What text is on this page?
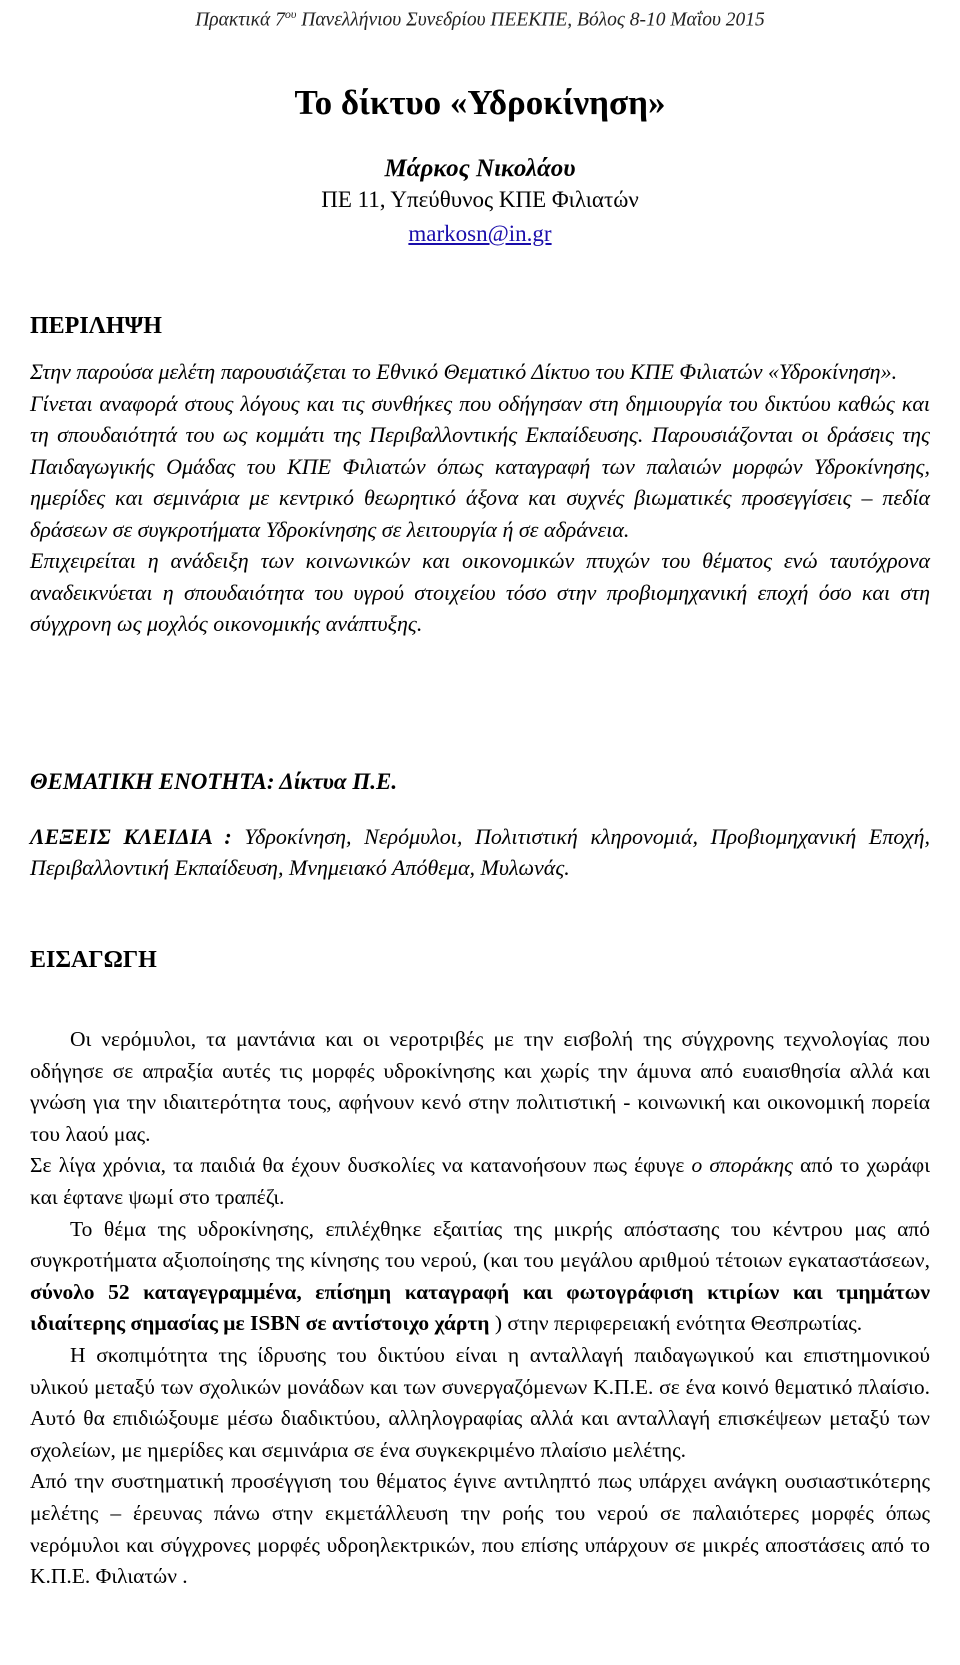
Πρακτικά $7^{o\upsilon}$ Πανελλήνιου Συνεδρίου ΠΕΕΚΠΕ, Βόλος 8-10 Μαΐου 2015
Το δίκτυο «Υδροκίνηση»
Μάρκος Νικολάου
ΠΕ 11, Υπεύθυνος ΚΠΕ Φιλιατών
markosn@in.gr
ΠΕΡΙΛΗΨΗ

Στην παρούσα μελέτη παρουσιάζεται το Εθνικό Θεματικό Δίκτυο του ΚΠΕ Φιλιατών «Υδροκίνηση».

Γίνεται αναφορά στους λόγους και τις συνθήκες που οδήγησαν στη δημιουργία του δικτύου καθώς και τη σπουδαιότητά του ως κομμάτι της Περιβαλλοντικής Εκπαίδευσης. Παρουσιάζονται οι δράσεις της Παιδαγωγικής Ομάδας του ΚΠΕ Φιλιατών όπως καταγραφή των παλαιών μορφών Υδροκίνησης, ημερίδες και σεμινάρια με κεντρικό θεωρητικό άξονα και συχνές βιωματικές προσεγγίσεις – πεδία δράσεων σε συγκροτήματα Υδροκίνησης σε λειτουργία ή σε αδράνεια.

Επιχειρείται η ανάδειξη των κοινωνικών και οικονομικών πτυχών του θέματος ενώ ταυτόχρονα αναδεικνύεται η σπουδαιότητα του υγρού στοιχείου τόσο στην προβιομηχανική εποχή όσο και στη σύγχρονη ως μοχλός οικονομικής ανάπτυξης.

ΘΕΜΑΤΙΚΗ ΕΝΟΤΗΤΑ: Δίκτυα Π.Ε.
ΛΕΞΕΙΣ ΚΛΕΙΔΙΑ : Υδροκίνηση, Νερόμυλοι, Πολιτιστική κληρονομιά, Προβιομηχανική Εποχή, Περιβαλλοντική Εκπαίδευση, Μνημειακό Απόθεμα, Μυλωνάς.
ΕΙΣΑΓΩΓΗ

Οι νερόμυλοι, τα μαντάνια και οι νεροτριβές με την εισβολή της σύγχρονης τεχνολογίας που οδήγησε σε απραξία αυτές τις μορφές υδροκίνησης και χωρίς την άμυνα από ευαισθησία αλλά και γνώση για την ιδιαιτερότητα τους, αφήνουν κενό στην πολιτιστική - κοινωνική και οικονομική πορεία του λαού μας.

Σε λίγα χρόνια, τα παιδιά θα έχουν δυσκολίες να κατανοήσουν πως έφυγε ο σποράκης από το χωράφι και έφτανε ψωμί στο τραπέζι.

Το θέμα της υδροκίνησης, επιλέχθηκε εξαιτίας της μικρής απόστασης του κέντρου μας από συγκροτήματα αξιοποίησης της κίνησης του νερού, (και του μεγάλου αριθμού τέτοιων εγκαταστάσεων, σύνολο 52 καταγεγραμμένα, επίσημη καταγραφή και φωτογράφιση κτιρίων και τμημάτων ιδιαίτερης σημασίας με ISBN σε αντίστοιχο χάρτη ) στην περιφερειακή ενότητα Θεσπρωτίας.

Η σκοπιμότητα της ίδρυσης του δικτύου είναι η ανταλλαγή παιδαγωγικού και επιστημονικού υλικού μεταξύ των σχολικών μονάδων και των συνεργαζόμενων Κ.Π.Ε. σε ένα κοινό θεματικό πλαίσιο. Αυτό θα επιδιώξουμε μέσω διαδικτύου, αλληλογραφίας αλλά και ανταλλαγή επισκέψεων μεταξύ των σχολείων, με ημερίδες και σεμινάρια σε ένα συγκεκριμένο πλαίσιο μελέτης.

Από την συστηματική προσέγγιση του θέματος έγινε αντιληπτό πως υπάρχει ανάγκη ουσιαστικότερης μελέτης – έρευνας πάνω στην εκμετάλλευση την ροής του νερού σε παλαιότερες μορφές όπως νερόμυλοι και σύγχρονες μορφές υδροηλεκτρικών, που επίσης υπάρχουν σε μικρές αποστάσεις από το Κ.Π.Ε. Φιλιατών .
